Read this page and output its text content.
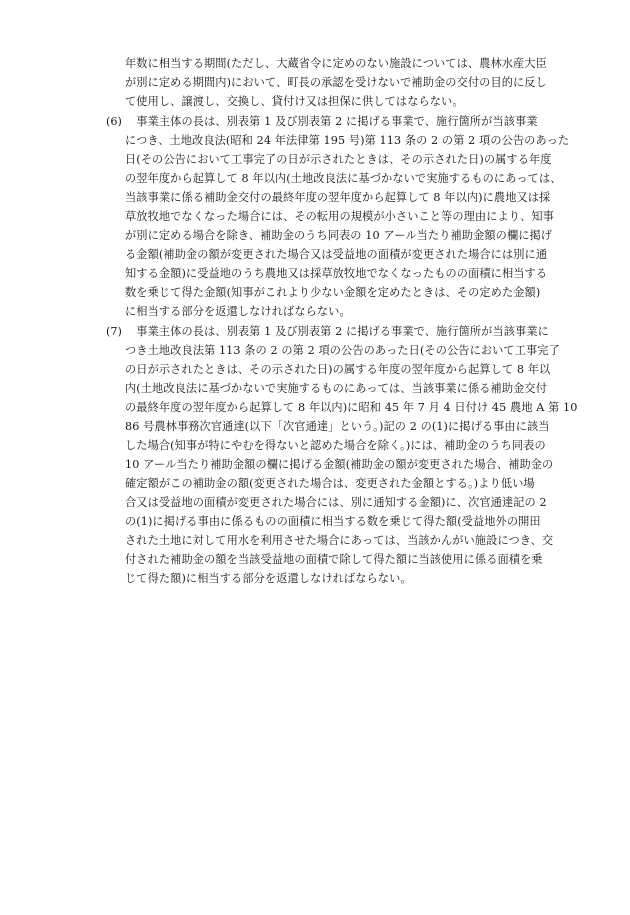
年数に相当する期間(ただし、大蔵省令に定めのない施設については、農林水産大臣
が別に定める期間内)において、町長の承認を受けないで補助金の交付の目的に反し
て使用し、譲渡し、交換し、貸付け又は担保に供してはならない。
(6) 　事業主体の長は、別表第 1 及び別表第 2 に掲げる事業で、施行箇所が当該事業
につき、土地改良法(昭和 24 年法律第 195 号)第 113 条の 2 の第 2 項の公告のあった
日(その公告において工事完了の日が示されたときは、その示された日)の属する年度
の翌年度から起算して 8 年以内(土地改良法に基づかないで実施するものにあっては、
当該事業に係る補助金交付の最終年度の翌年度から起算して 8 年以内)に農地又は採
草放牧地でなくなった場合には、その転用の規模が小さいこと等の理由により、知事
が別に定める場合を除き、補助金のうち同表の 10 アール当たり補助金額の欄に掲げ
る金額(補助金の額が変更された場合又は受益地の面積が変更された場合には別に通
知する金額)に受益地のうち農地又は採草放牧地でなくなったものの面積に相当する
数を乗じて得た金額(知事がこれより少ない金額を定めたときは、その定めた金額)
に相当する部分を返還しなければならない。
(7) 　事業主体の長は、別表第 1 及び別表第 2 に掲げる事業で、施行箇所が当該事業に
つき土地改良法第 113 条の 2 の第 2 項の公告のあった日(その公告において工事完了
の日が示されたときは、その示された日)の属する年度の翌年度から起算して 8 年以
内(土地改良法に基づかないで実施するものにあっては、当該事業に係る補助金交付
の最終年度の翌年度から起算して 8 年以内)に昭和 45 年 7 月 4 日付け 45 農地 A 第 10
86 号農林事務次官通達(以下「次官通達」という。)記の 2 の(1)に掲げる事由に該当
した場合(知事が特にやむを得ないと認めた場合を除く。)には、補助金のうち同表の
10 アール当たり補助金額の欄に掲げる金額(補助金の額が変更された場合、補助金の
確定額がこの補助金の額(変更された場合は、変更された金額とする。)より低い場
合又は受益地の面積が変更された場合には、別に通知する金額)に、次官通達記の 2
の(1)に掲げる事由に係るものの面積に相当する数を乗じて得た額(受益地外の開田
された土地に対して用水を利用させた場合にあっては、当該かんがい施設につき、交
付された補助金の額を当該受益地の面積で除して得た額に当該使用に係る面積を乗
じて得た額)に相当する部分を返還しなければならない。
